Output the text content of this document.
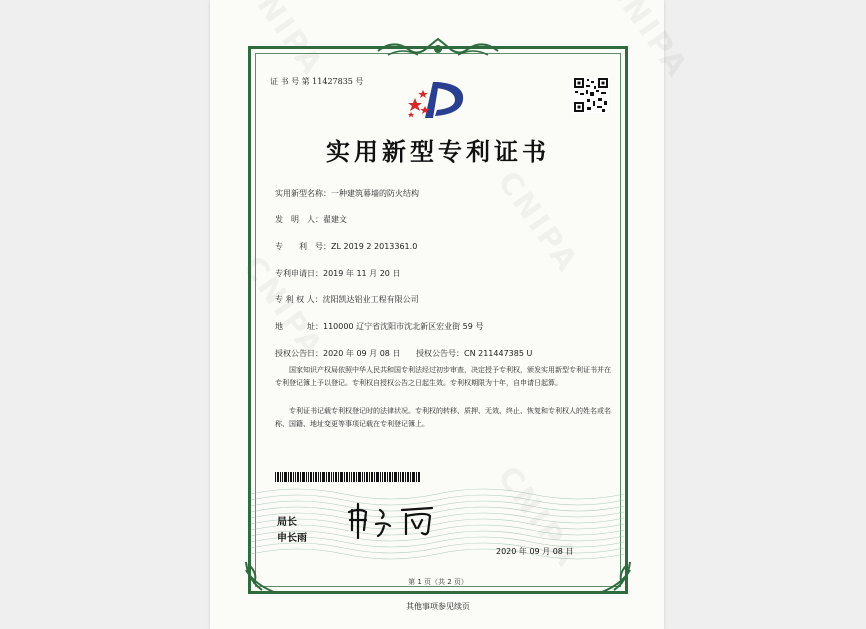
证 书 号 第 11427835 号
实用新型专利证书
实用新型名称：一种建筑幕墙的防火结构
发　明　人：翟建文
专　　利　号：ZL 2019 2 2013361.0
专利申请日：2019 年 11 月 20 日
专 利 权 人：沈阳凯达铝业工程有限公司
地　　　址：110000 辽宁省沈阳市沈北新区宏业街 59 号
授权公告日：2020 年 09 月 08 日 授权公告号：CN 211447385 U
国家知识产权局依照中华人民共和国专利法经过初步审查，决定授予专利权，颁发实用新型专利证书并在专利登记簿上予以登记。专利权自授权公告之日起生效。专利权期限为十年，自申请日起算。
专利证书记载专利权登记时的法律状况。专利权的转移、质押、无效、终止、恢复和专利权人的姓名或名称、国籍、地址变更等事项记载在专利登记簿上。
局长
申长雨
2020 年 09 月 08 日
第 1 页（共 2 页）
其他事项参见续页
